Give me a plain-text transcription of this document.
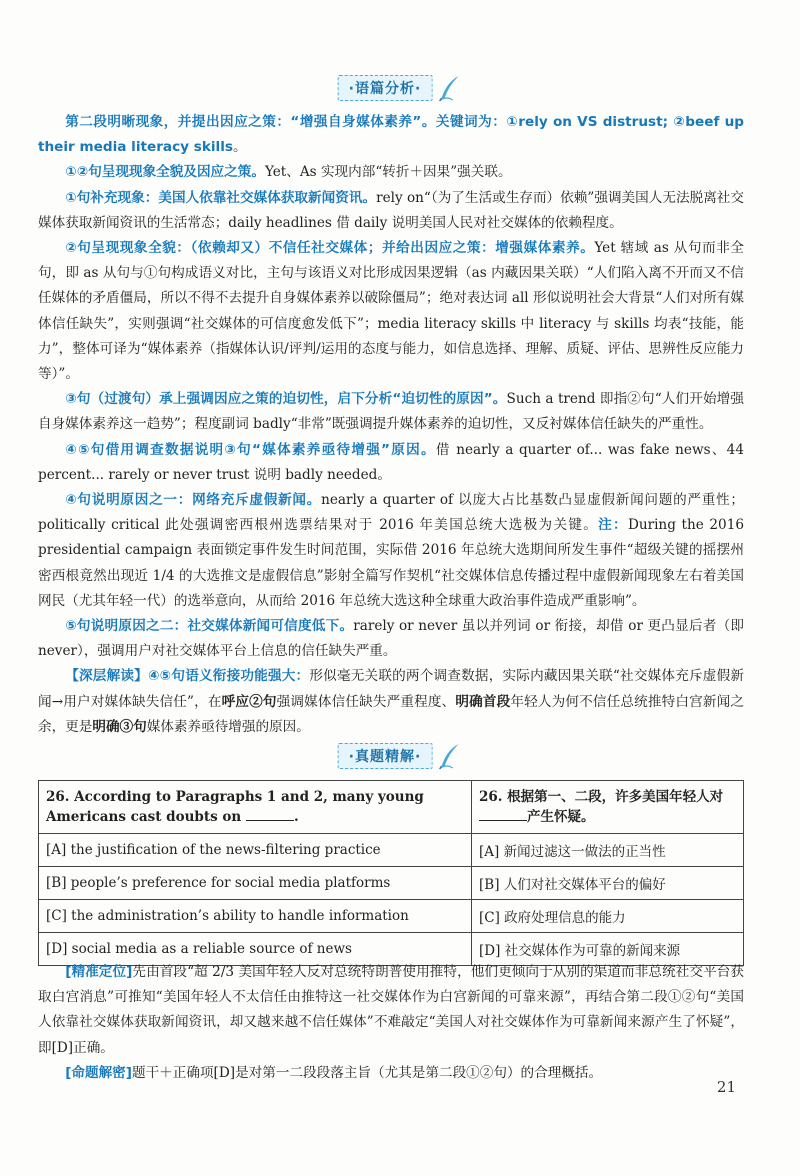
·语篇分析·

第二段明晰现象，并提出因应之策：“增强自身媒体素养”。关键词为：①rely on VS distrust; ②beef up their media literacy skills。

①②句呈现现象全貌及因应之策。Yet、As 实现内部“转折＋因果”强关联。

①句补充现象：美国人依靠社交媒体获取新闻资讯。rely on“（为了生活或生存而）依赖”强调美国人无法脱离社交媒体获取新闻资讯的生活常态；daily headlines 借 daily 说明美国人民对社交媒体的依赖程度。

②句呈现现象全貌：（依赖却又）不信任社交媒体；并给出因应之策：增强媒体素养。Yet 辖域 as 从句而非全句，即 as 从句与①句构成语义对比，主句与该语义对比形成因果逻辑（as 内藏因果关联）“人们陷入离不开而又不信任媒体的矛盾僵局，所以不得不去提升自身媒体素养以破除僵局”；绝对表达词 all 形似说明社会大背景“人们对所有媒体信任缺失”，实则强调“社交媒体的可信度愈发低下”；media literacy skills 中 literacy 与 skills 均表“技能，能力”，整体可译为“媒体素养（指媒体认识/评判/运用的态度与能力，如信息选择、理解、质疑、评估、思辨性反应能力等）”。

③句（过渡句）承上强调因应之策的迫切性，启下分析“迫切性的原因”。Such a trend 即指②句“人们开始增强自身媒体素养这一趋势”；程度副词 badly“非常”既强调提升媒体素养的迫切性，又反衬媒体信任缺失的严重性。

④⑤句借用调查数据说明③句“媒体素养亟待增强”原因。借 nearly a quarter of... was fake news、44 percent... rarely or never trust 说明 badly needed。

④句说明原因之一：网络充斥虚假新闻。nearly a quarter of 以庞大占比基数凸显虚假新闻问题的严重性；politically critical 此处强调密西根州选票结果对于 2016 年美国总统大选极为关键。注：During the 2016 presidential campaign 表面锁定事件发生时间范围，实际借 2016 年总统大选期间所发生事件“超级关键的摇摆州密西根竟然出现近 1/4 的大选推文是虚假信息”影射全篇写作契机“社交媒体信息传播过程中虚假新闻现象左右着美国网民（尤其年轻一代）的选举意向，从而给 2016 年总统大选这种全球重大政治事件造成严重影响”。

⑤句说明原因之二：社交媒体新闻可信度低下。rarely or never 虽以并列词 or 衔接，却借 or 更凸显后者（即 never），强调用户对社交媒体平台上信息的信任缺失严重。

【深层解读】④⑤句语义衔接功能强大：形似毫无关联的两个调查数据，实际内藏因果关联“社交媒体充斥虚假新闻→用户对媒体缺失信任”，在呼应②句强调媒体信任缺失严重程度、明确首段年轻人为何不信任总统推特白宫新闻之余，更是明确③句媒体素养亟待增强的原因。

·真题精解·
26. According to Paragraphs 1 and 2, many young Americans cast doubts on .	26. 根据第一、二段，许多美国年轻人对产生怀疑。
[A] the justification of the news-filtering practice	[A] 新闻过滤这一做法的正当性
[B] people’s preference for social media platforms	[B] 人们对社交媒体平台的偏好
[C] the administration’s ability to handle information	[C] 政府处理信息的能力
[D] social media as a reliable source of news	[D] 社交媒体作为可靠的新闻来源

[精准定位]先由首段“超 2/3 美国年轻人反对总统特朗普使用推特，他们更倾向于从别的渠道而非总统社交平台获取白宫消息”可推知“美国年轻人不太信任由推特这一社交媒体作为白宫新闻的可靠来源”，再结合第二段①②句“美国人依靠社交媒体获取新闻资讯，却又越来越不信任媒体”不难敲定“美国人对社交媒体作为可靠新闻来源产生了怀疑”，即[D]正确。

[命题解密]题干＋正确项[D]是对第一二段段落主旨（尤其是第二段①②句）的合理概括。

21
